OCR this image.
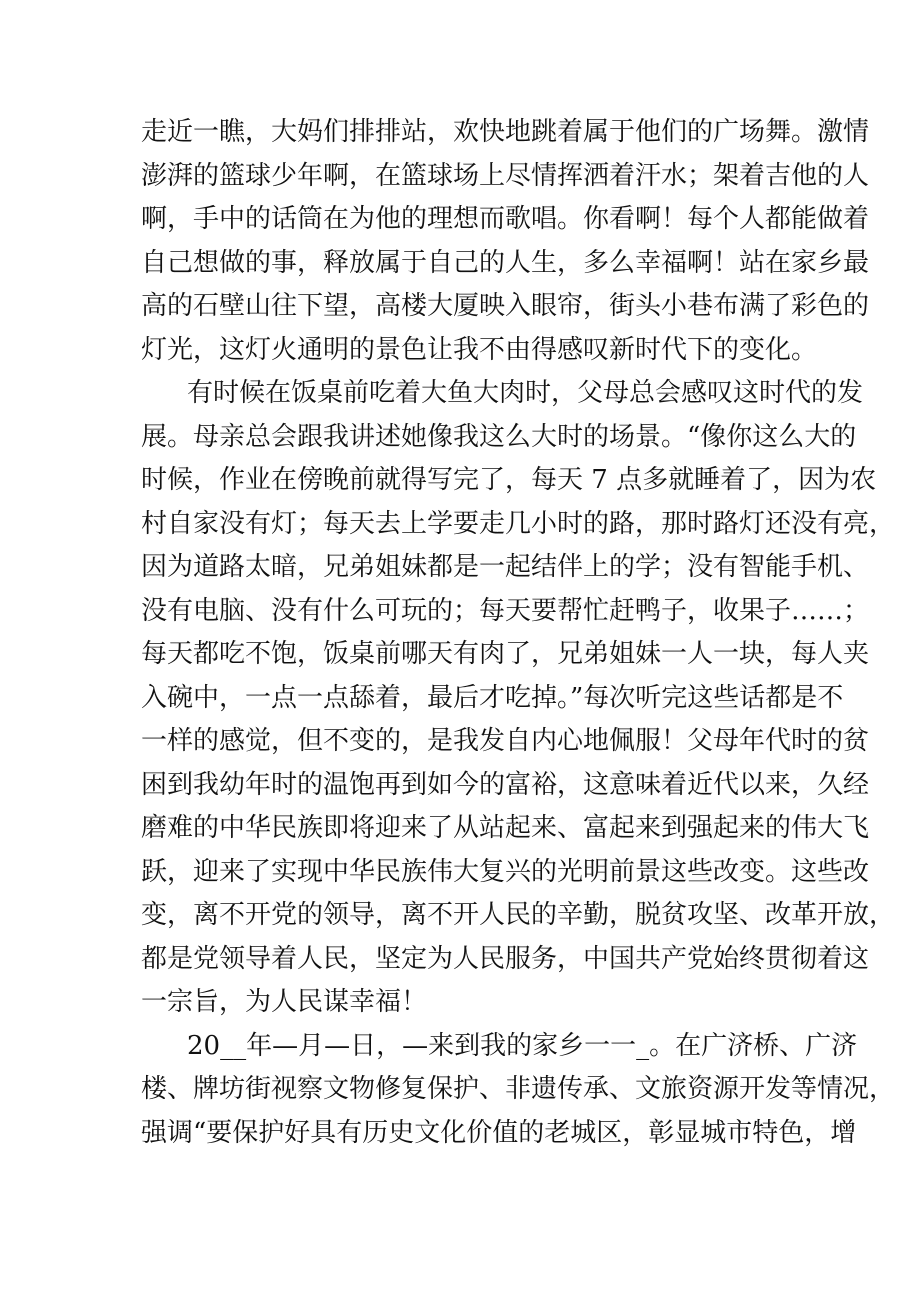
走近一瞧，大妈们排排站，欢快地跳着属于他们的广场舞。激情
澎湃的篮球少年啊，在篮球场上尽情挥洒着汗水；架着吉他的人
啊，手中的话筒在为他的理想而歌唱。你看啊！每个人都能做着
自己想做的事，释放属于自己的人生，多么幸福啊！站在家乡最
高的石壁山往下望，高楼大厦映入眼帘，街头小巷布满了彩色的
灯光，这灯火通明的景色让我不由得感叹新时代下的变化。
有时候在饭桌前吃着大鱼大肉时，父母总会感叹这时代的发
展。母亲总会跟我讲述她像我这么大时的场景。“像你这么大的
时候，作业在傍晚前就得写完了，每天 7 点多就睡着了，因为农
村自家没有灯；每天去上学要走几小时的路，那时路灯还没有亮，
因为道路太暗，兄弟姐妹都是一起结伴上的学；没有智能手机、
没有电脑、没有什么可玩的；每天要帮忙赶鸭子，收果子……；
每天都吃不饱，饭桌前哪天有肉了，兄弟姐妹一人一块，每人夹
入碗中，一点一点舔着，最后才吃掉。”每次听完这些话都是不
一样的感觉，但不变的，是我发自内心地佩服！父母年代时的贫
困到我幼年时的温饱再到如今的富裕，这意味着近代以来，久经
磨难的中华民族即将迎来了从站起来、富起来到强起来的伟大飞
跃，迎来了实现中华民族伟大复兴的光明前景这些改变。这些改
变，离不开党的领导，离不开人民的辛勤，脱贫攻坚、改革开放，
都是党领导着人民，坚定为人民服务，中国共产党始终贯彻着这
一宗旨，为人民谋幸福！
20__年—月—日，—来到我的家乡一一_。在广济桥、广济
楼、牌坊街视察文物修复保护、非遗传承、文旅资源开发等情况，
强调“要保护好具有历史文化价值的老城区，彰显城市特色，增
